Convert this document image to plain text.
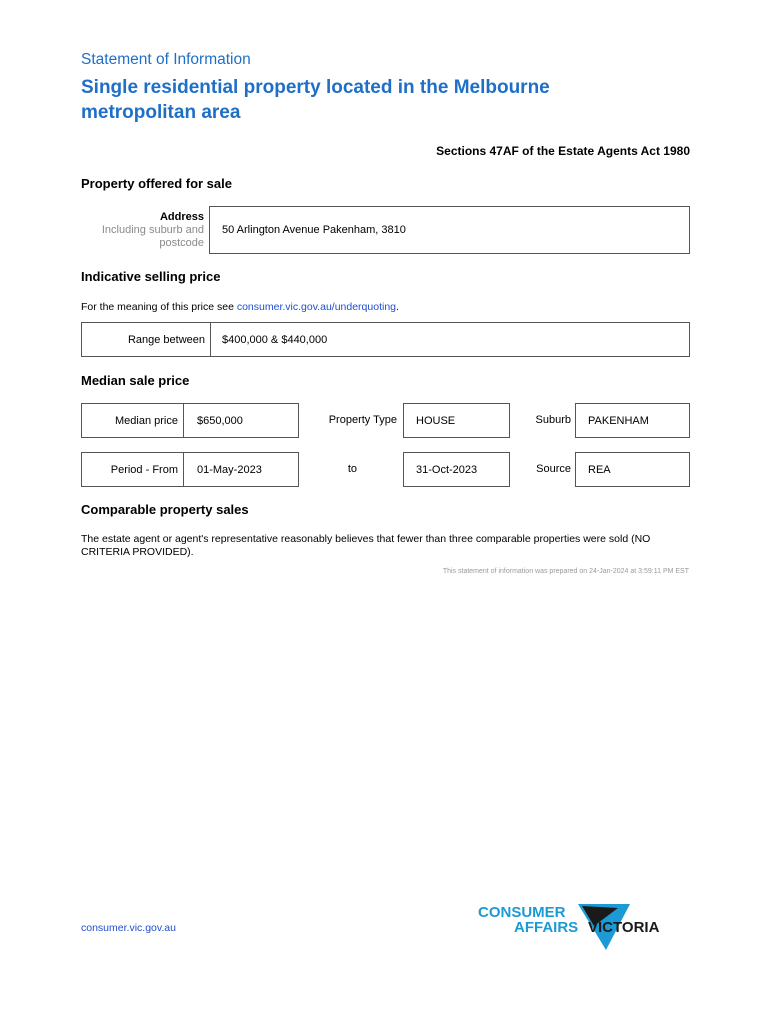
Statement of Information
Single residential property located in the Melbourne metropolitan area
Sections 47AF of the Estate Agents Act 1980
Property offered for sale
Address
Including suburb and postcode
50 Arlington Avenue Pakenham, 3810
Indicative selling price
For the meaning of this price see consumer.vic.gov.au/underquoting.
Range between $400,000 & $440,000
Median sale price
Median price $650,000	Property Type HOUSE	Suburb PAKENHAM
Period - From 01-May-2023	to	31-Oct-2023	Source REA
Comparable property sales
The estate agent or agent's representative reasonably believes that fewer than three comparable properties were sold (NO CRITERIA PROVIDED).
This statement of information was prepared on 24-Jan-2024 at 3:59:11 PM EST
consumer.vic.gov.au
CONSUMER
AFFAIRS VICTORIA
